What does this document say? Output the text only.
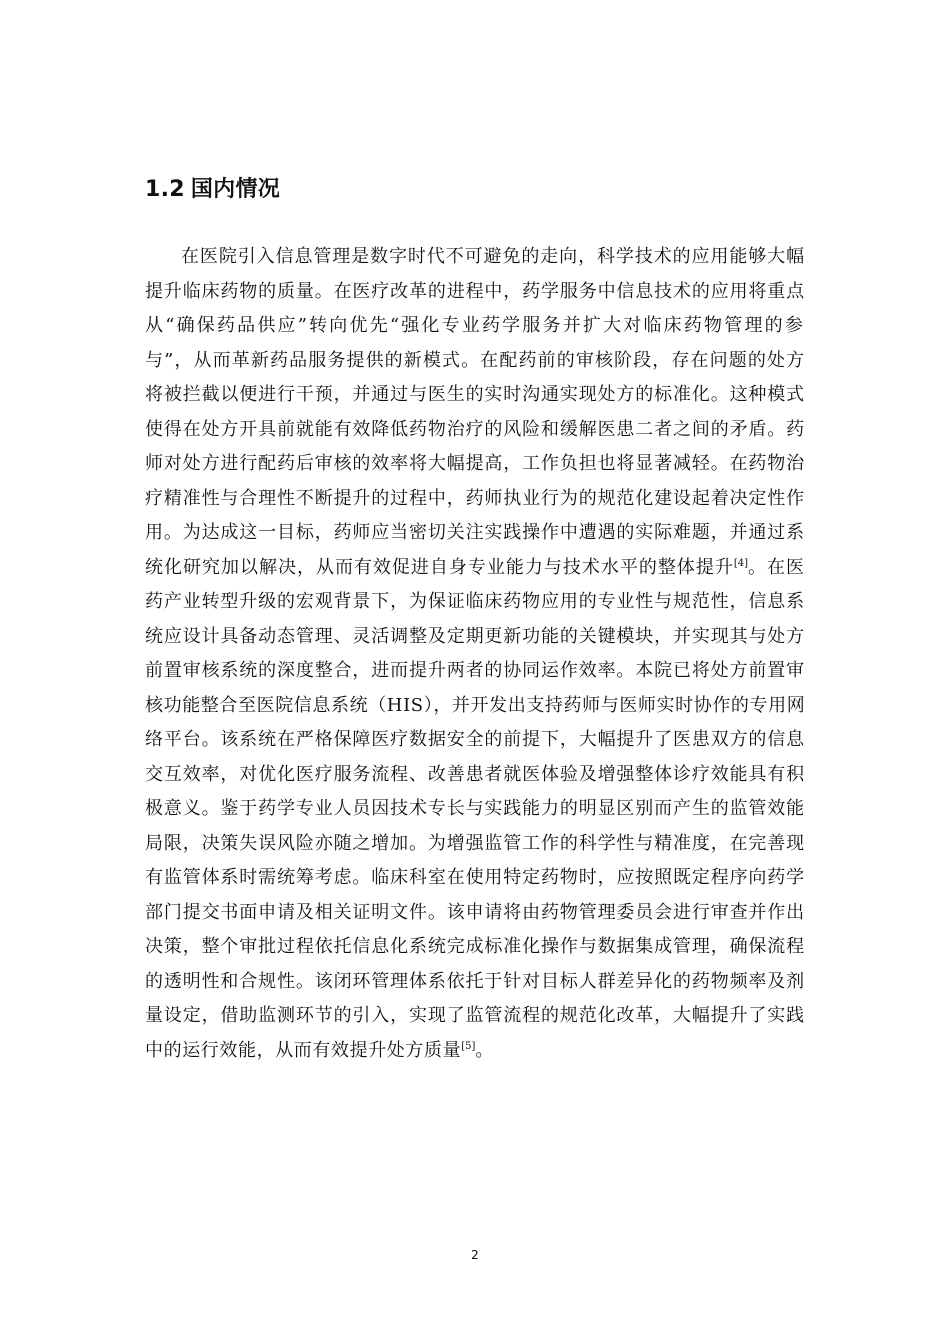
1.2 国内情况
在医院引入信息管理是数字时代不可避免的走向，科学技术的应用能够大幅
提升临床药物的质量。在医疗改革的进程中，药学服务中信息技术的应用将重点
从“确保药品供应”转向优先“强化专业药学服务并扩大对临床药物管理的参
与”，从而革新药品服务提供的新模式。在配药前的审核阶段，存在问题的处方
将被拦截以便进行干预，并通过与医生的实时沟通实现处方的标准化。这种模式
使得在处方开具前就能有效降低药物治疗的风险和缓解医患二者之间的矛盾。药
师对处方进行配药后审核的效率将大幅提高，工作负担也将显著减轻。在药物治
疗精准性与合理性不断提升的过程中，药师执业行为的规范化建设起着决定性作
用。为达成这一目标，药师应当密切关注实践操作中遭遇的实际难题，并通过系
统化研究加以解决，从而有效促进自身专业能力与技术水平的整体提升[4]。在医
药产业转型升级的宏观背景下，为保证临床药物应用的专业性与规范性，信息系
统应设计具备动态管理、灵活调整及定期更新功能的关键模块，并实现其与处方
前置审核系统的深度整合，进而提升两者的协同运作效率。本院已将处方前置审
核功能整合至医院信息系统（HIS），并开发出支持药师与医师实时协作的专用网
络平台。该系统在严格保障医疗数据安全的前提下，大幅提升了医患双方的信息
交互效率，对优化医疗服务流程、改善患者就医体验及增强整体诊疗效能具有积
极意义。鉴于药学专业人员因技术专长与实践能力的明显区别而产生的监管效能
局限，决策失误风险亦随之增加。为增强监管工作的科学性与精准度，在完善现
有监管体系时需统筹考虑。临床科室在使用特定药物时，应按照既定程序向药学
部门提交书面申请及相关证明文件。该申请将由药物管理委员会进行审查并作出
决策，整个审批过程依托信息化系统完成标准化操作与数据集成管理，确保流程
的透明性和合规性。该闭环管理体系依托于针对目标人群差异化的药物频率及剂
量设定，借助监测环节的引入，实现了监管流程的规范化改革，大幅提升了实践
中的运行效能，从而有效提升处方质量[5]。
2
